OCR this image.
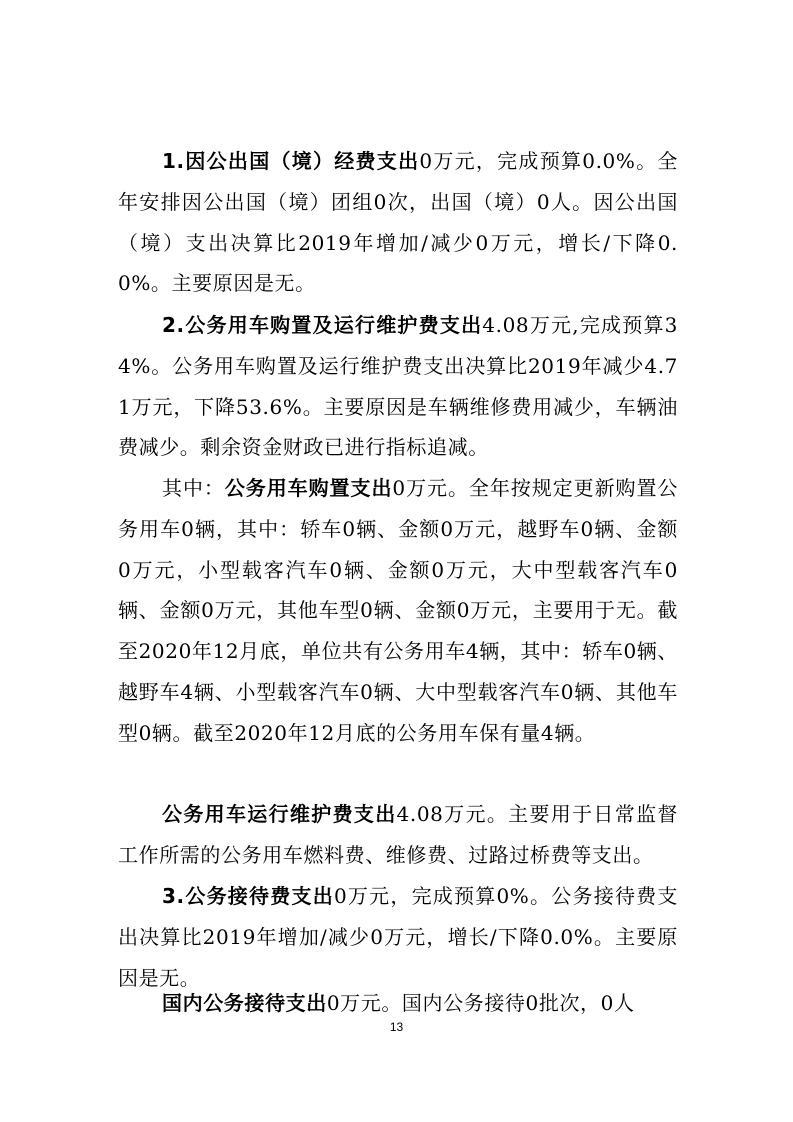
1.因公出国（境）经费支出0万元，完成预算0.0%。全年安排因公出国（境）团组0次，出国（境）0人。因公出国（境）支出决算比2019年增加/减少0万元，增长/下降0.0%。主要原因是无。

2.公务用车购置及运行维护费支出4.08万元,完成预算34%。公务用车购置及运行维护费支出决算比2019年减少4.71万元，下降53.6%。主要原因是车辆维修费用减少，车辆油费减少。剩余资金财政已进行指标追减。

其中：公务用车购置支出0万元。全年按规定更新购置公务用车0辆，其中：轿车0辆、金额0万元，越野车0辆、金额0万元，小型载客汽车0辆、金额0万元，大中型载客汽车0辆、金额0万元，其他车型0辆、金额0万元，主要用于无。截至2020年12月底，单位共有公务用车4辆，其中：轿车0辆、越野车4辆、小型载客汽车0辆、大中型载客汽车0辆、其他车型0辆。截至2020年12月底的公务用车保有量4辆。

公务用车运行维护费支出4.08万元。主要用于日常监督工作所需的公务用车燃料费、维修费、过路过桥费等支出。

3.公务接待费支出0万元，完成预算0%。公务接待费支出决算比2019年增加/减少0万元，增长/下降0.0%。主要原因是无。

国内公务接待支出0万元。国内公务接待0批次，0人

13
